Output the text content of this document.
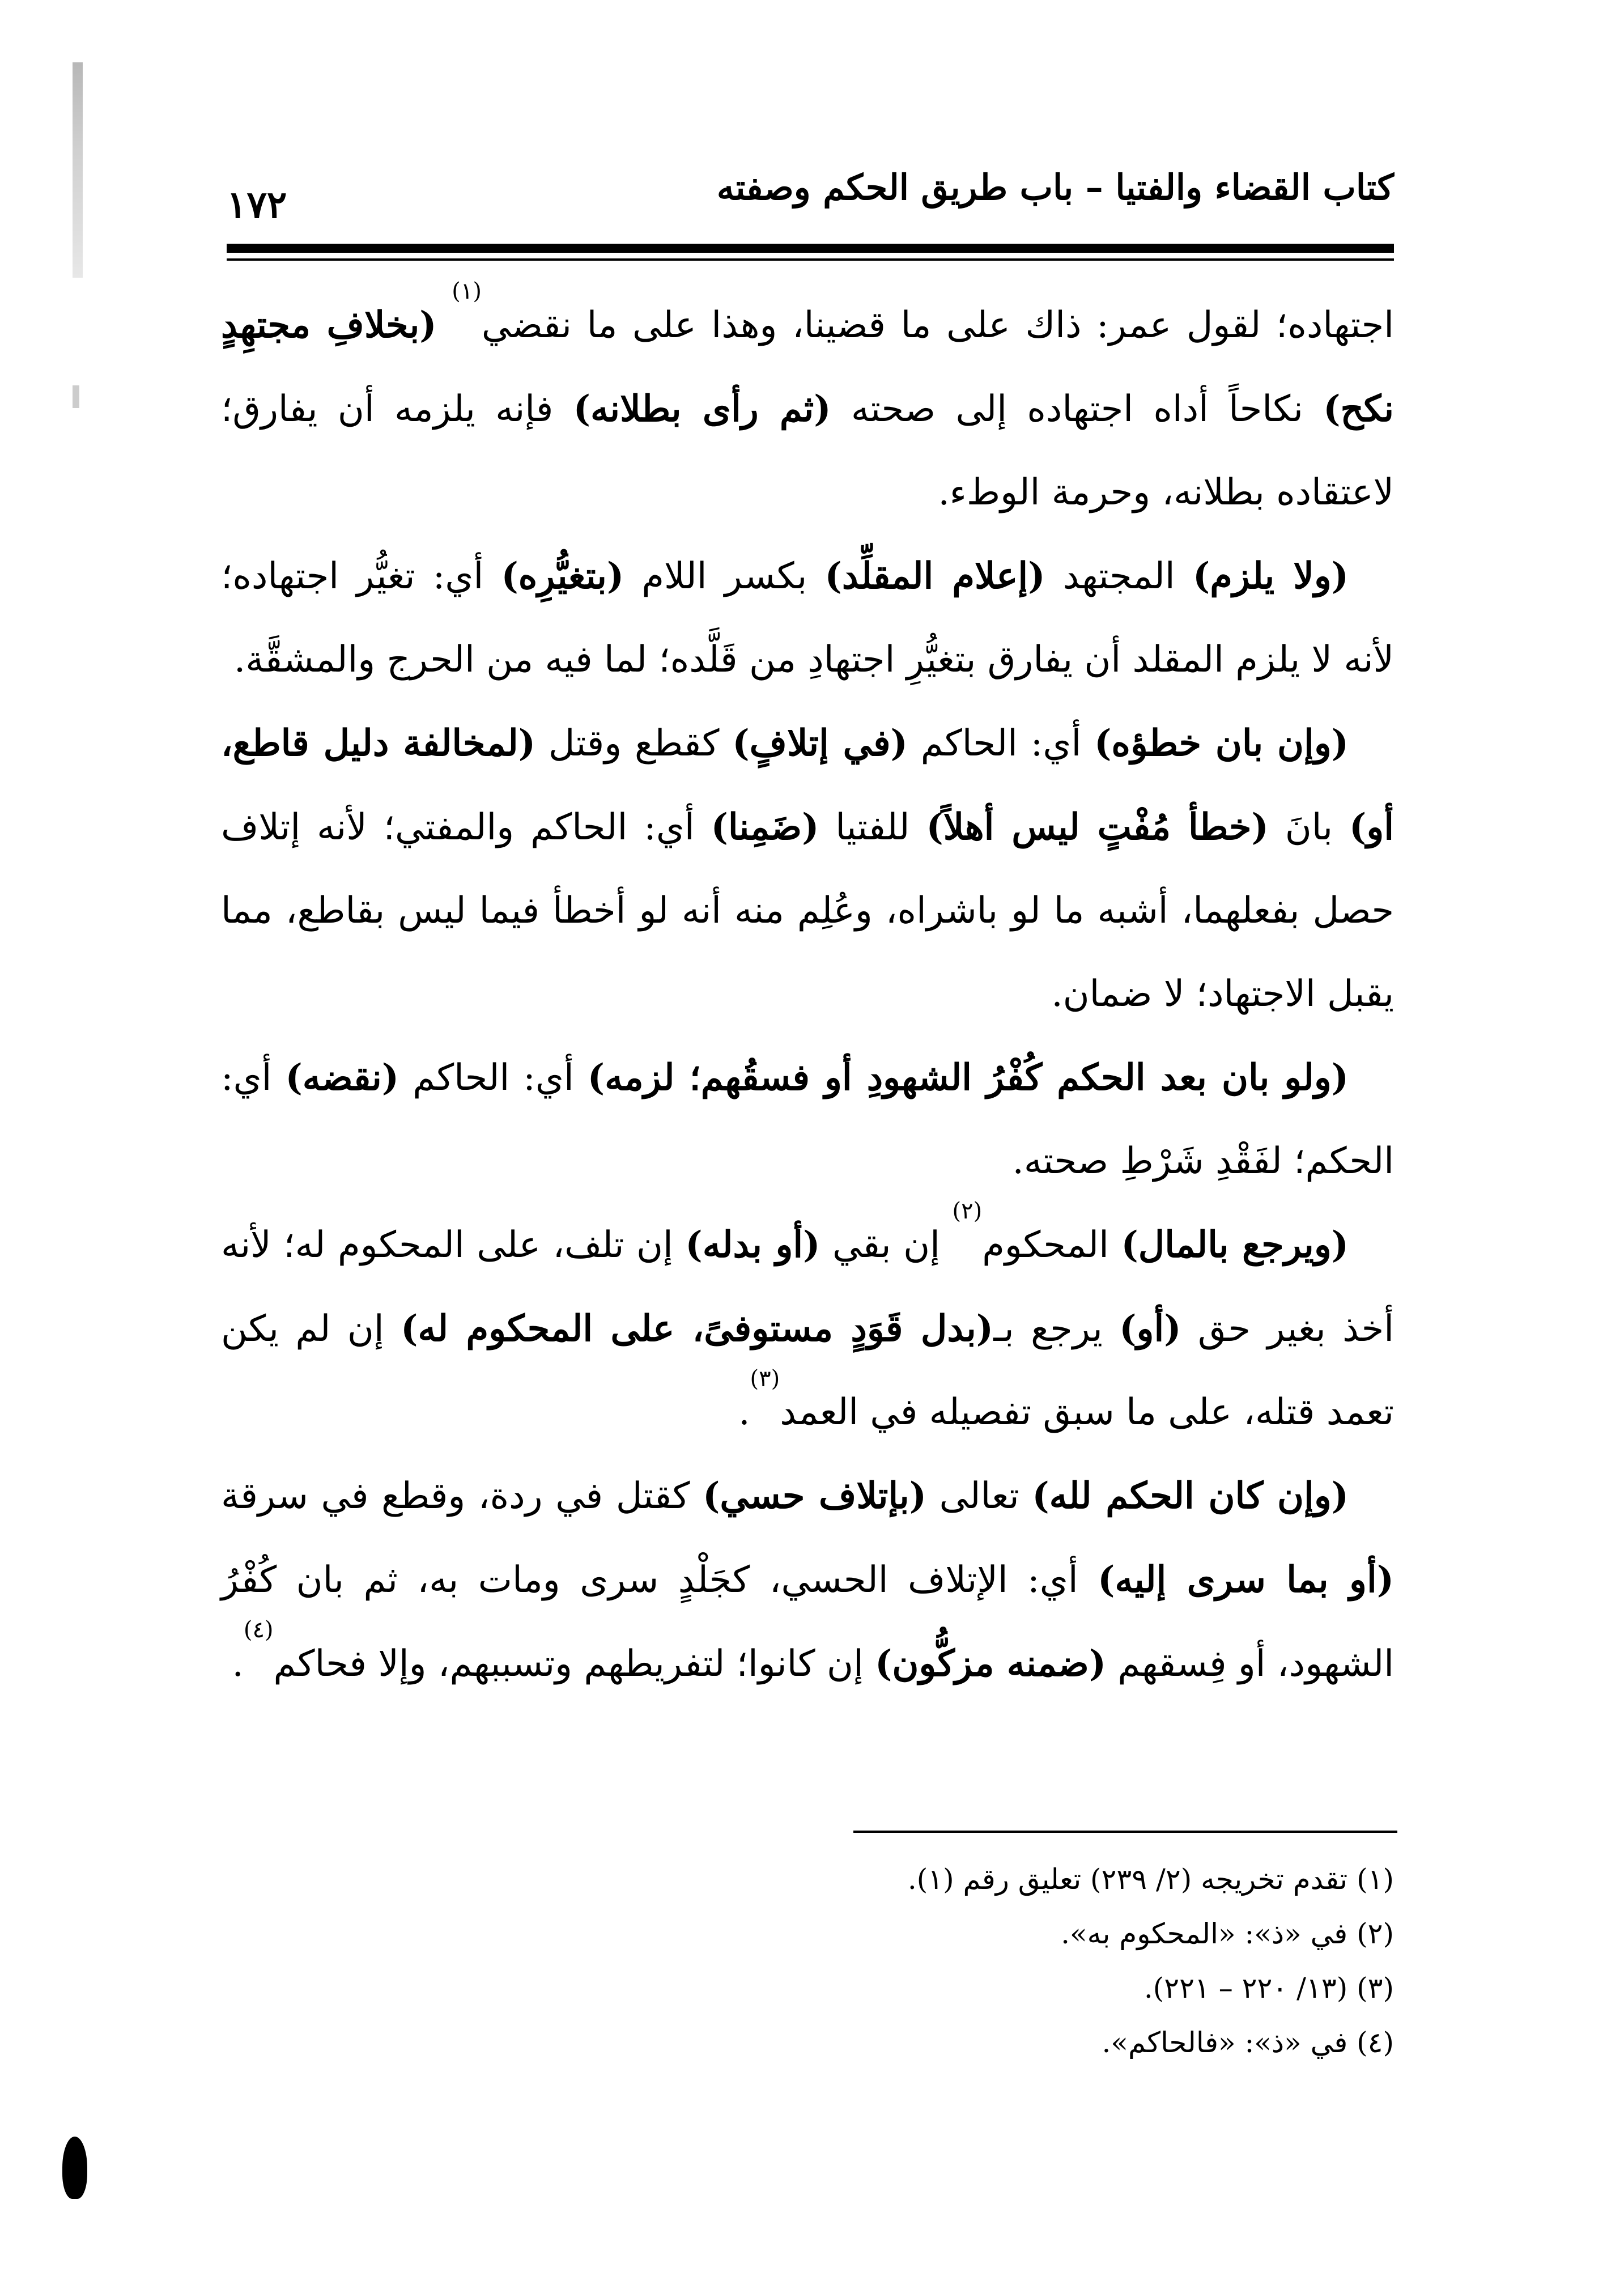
كتاب القضاء والفتيا – باب طريق الحكم وصفته
١٧٢

اجتهاده؛ لقول عمر: ذاك على ما قضينا، وهذا على ما نقضي$^{(١)}$ (بخلافِ مجتهِدٍ نكح) نكاحاً أداه اجتهاده إلى صحته (ثم رأى بطلانه) فإنه يلزمه أن يفارق؛ لاعتقاده بطلانه، وحرمة الوطء.

(ولا يلزم) المجتهد (إعلام المقلِّد) بكسر اللام (بتغيُّرِه) أي: تغيُّر اجتهاده؛ لأنه لا يلزم المقلد أن يفارق بتغيُّرِ اجتهادِ من قَلَّده؛ لما فيه من الحرج والمشقَّة.

(وإن بان خطؤه) أي: الحاكم (في إتلافٍ) كقطع وقتل (لمخالفة دليل قاطع، أو) بانَ (خطأ مُفْتٍ ليس أهلاً) للفتيا (ضَمِنا) أي: الحاكم والمفتي؛ لأنه إتلاف حصل بفعلهما، أشبه ما لو باشراه، وعُلِم منه أنه لو أخطأ فيما ليس بقاطع، مما يقبل الاجتهاد؛ لا ضمان.

(ولو بان بعد الحكم كُفْرُ الشهودِ أو فسقُهم؛ لزمه) أي: الحاكم (نقضه) أي: الحكم؛ لفَقْدِ شَرْطِ صحته.

(ويرجع بالمال) المحكوم$^{(٢)}$ إن بقي (أو بدله) إن تلف، على المحكوم له؛ لأنه أخذ بغير حق (أو) يرجع بـ(بدل قَوَدٍ مستوفىً، على المحكوم له) إن لم يكن تعمد قتله، على ما سبق تفصيله في العمد$^{(٣)}$.

(وإن كان الحكم لله) تعالى (بإتلاف حسي) كقتل في ردة، وقطع في سرقة (أو بما سرى إليه) أي: الإتلاف الحسي، كجَلْدٍ سرى ومات به، ثم بان كُفْرُ الشهود، أو فِسقهم (ضمنه مزكُّون) إن كانوا؛ لتفريطهم وتسببهم، وإلا فحاكم$^{(٤)}$.

(١) تقدم تخريجه (٢/ ٢٣٩) تعليق رقم (١).

(٢) في «ذ»: «المحكوم به».

(٣) (١٣/ ٢٢٠ – ٢٢١).

(٤) في «ذ»: «فالحاكم».
